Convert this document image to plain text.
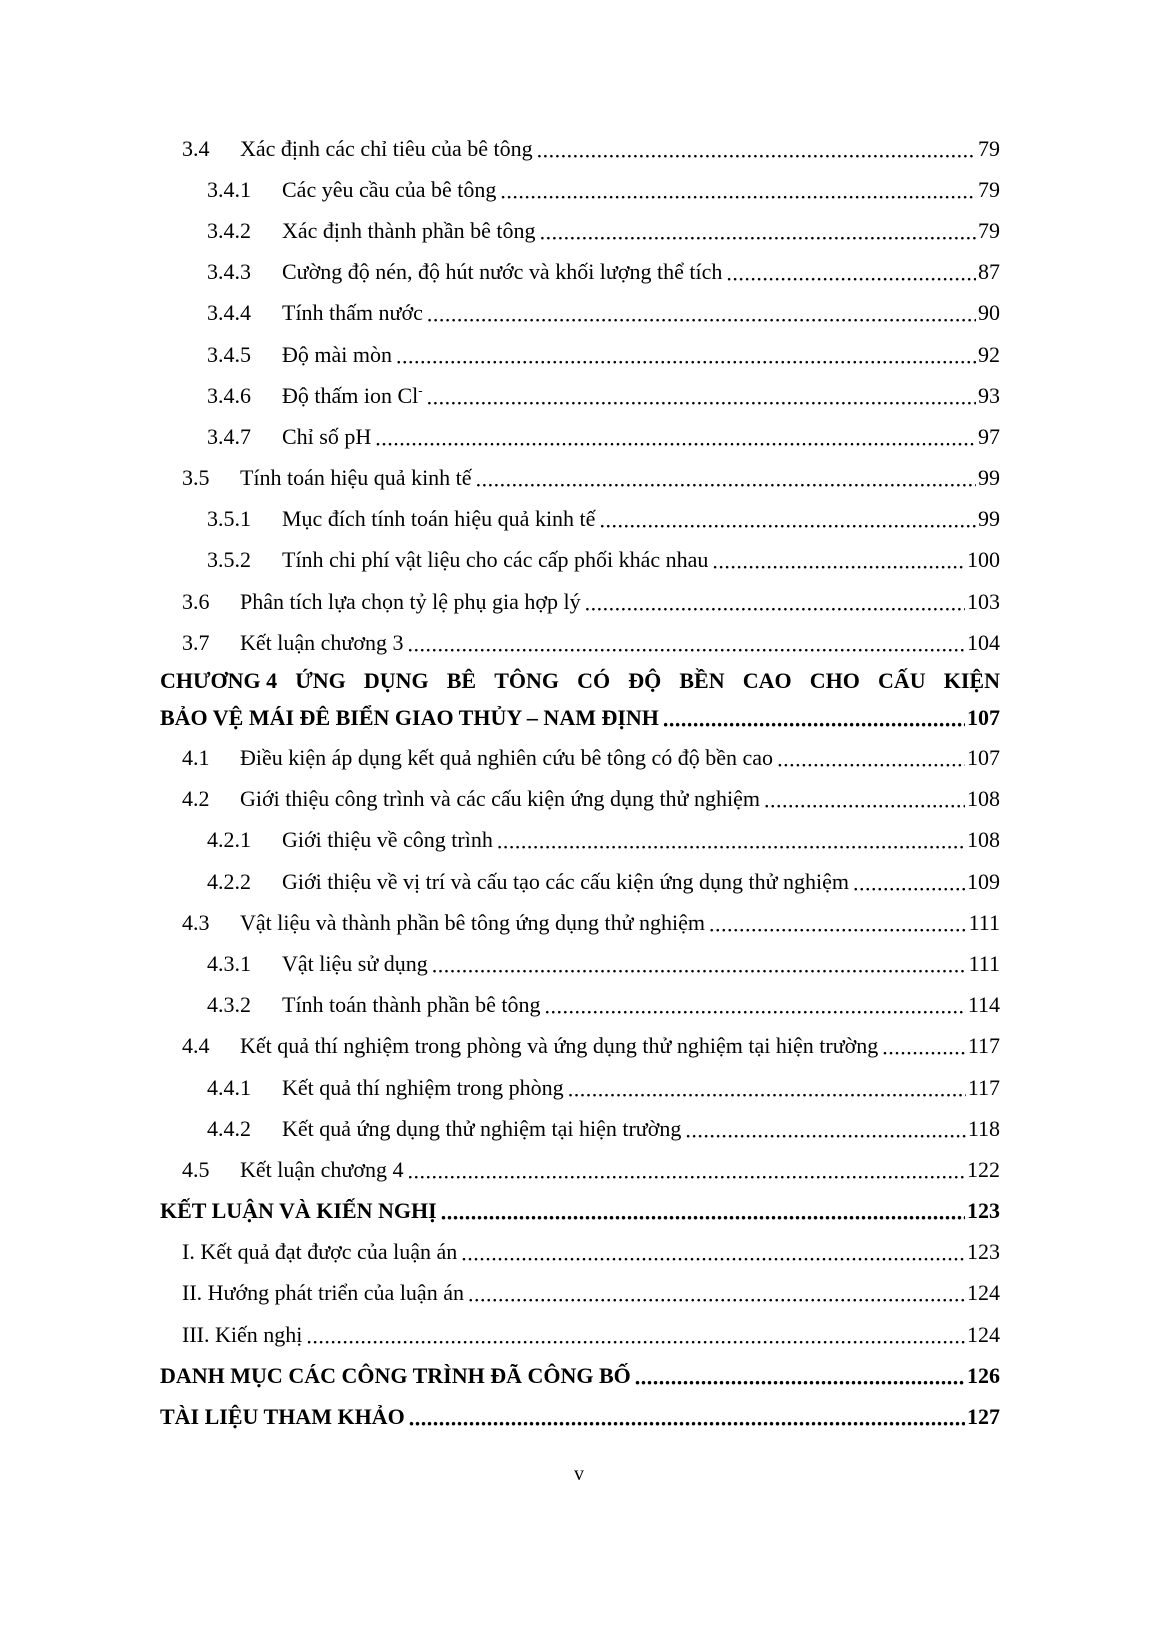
3.4	Xác định các chỉ tiêu của bê tông .....	79
3.4.1	Các yêu cầu của bê tông .....	79
3.4.2	Xác định thành phần bê tông .....	79
3.4.3	Cường độ nén, độ hút nước và khối lượng thể tích .....	87
3.4.4	Tính thấm nước .....	90
3.4.5	Độ mài mòn .....	92
3.4.6	Độ thấm ion Cl- .....	93
3.4.7	Chỉ số pH .....	97
3.5	Tính toán hiệu quả kinh tế .....	99
3.5.1	Mục đích tính toán hiệu quả kinh tế .....	99
3.5.2	Tính chi phí vật liệu cho các cấp phối khác nhau .....	100
3.6	Phân tích lựa chọn tỷ lệ phụ gia hợp lý .....	103
3.7	Kết luận chương 3 .....	104
CHƯƠNG 4 ỨNG DỤNG BÊ TÔNG CÓ ĐỘ BỀN CAO CHO CẤU KIỆN
BẢO VỆ MÁI ĐÊ BIỂN GIAO THỦY – NAM ĐỊNH .....	107
4.1	Điều kiện áp dụng kết quả nghiên cứu bê tông có độ bền cao .....	107
4.2	Giới thiệu công trình và các cấu kiện ứng dụng thử nghiệm .....	108
4.2.1	Giới thiệu về công trình .....	108
4.2.2	Giới thiệu về vị trí và cấu tạo các cấu kiện ứng dụng thử nghiệm .....	109
4.3	Vật liệu và thành phần bê tông ứng dụng thử nghiệm .....	111
4.3.1	Vật liệu sử dụng .....	111
4.3.2	Tính toán thành phần bê tông .....	114
4.4	Kết quả thí nghiệm trong phòng và ứng dụng thử nghiệm tại hiện trường .....	117
4.4.1	Kết quả thí nghiệm trong phòng .....	117
4.4.2	Kết quả ứng dụng thử nghiệm tại hiện trường .....	118
4.5	Kết luận chương 4 .....	122
KẾT LUẬN VÀ KIẾN NGHỊ .....	123
I. Kết quả đạt được của luận án .....	123
II. Hướng phát triển của luận án .....	124
III. Kiến nghị .....	124
DANH MỤC CÁC CÔNG TRÌNH ĐÃ CÔNG BỐ .....	126
TÀI LIỆU THAM KHẢO .....	127
v
